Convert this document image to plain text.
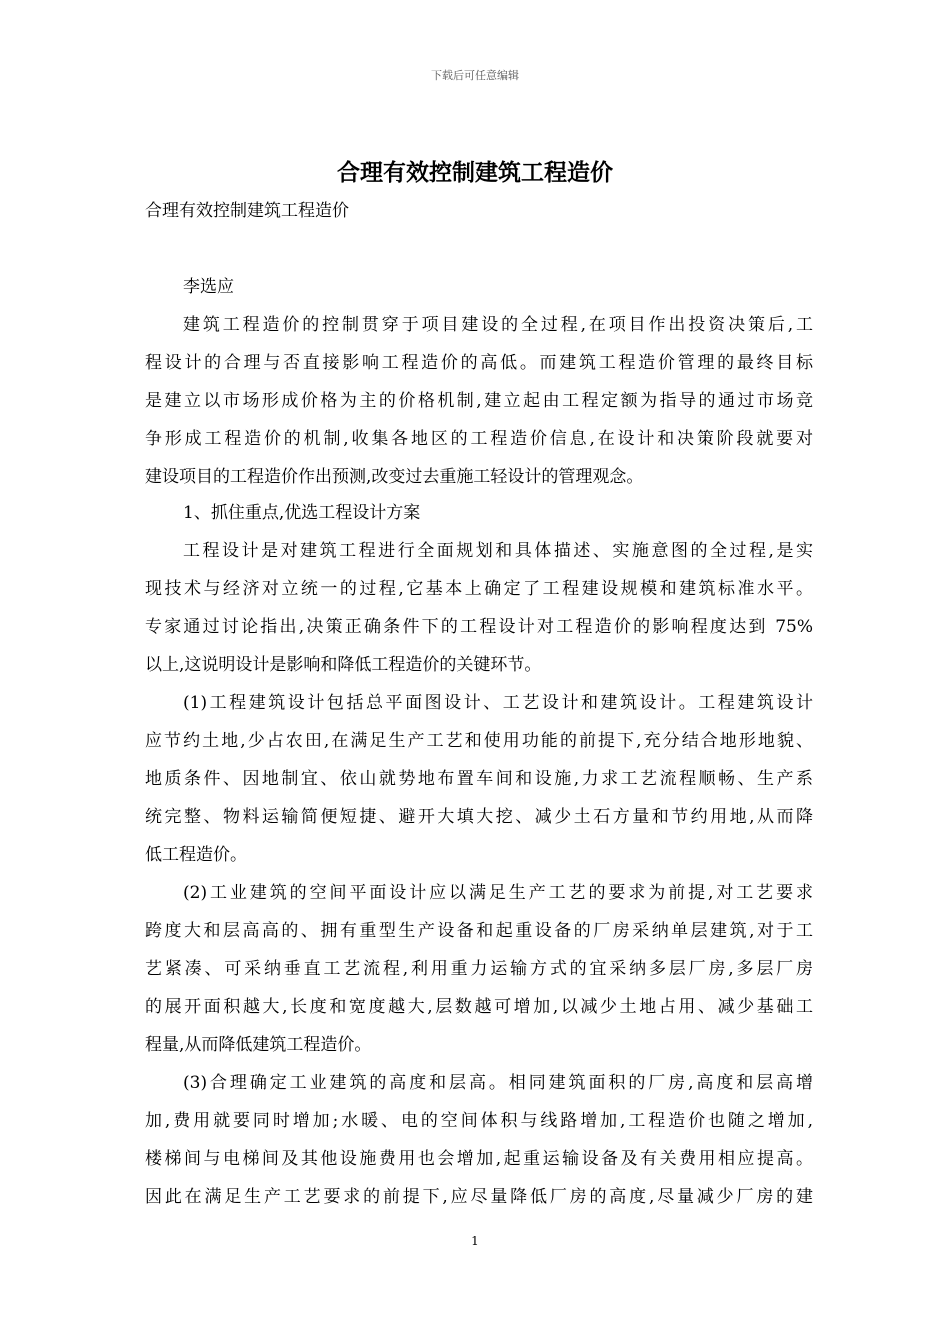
下载后可任意编辑
合理有效控制建筑工程造价
合理有效控制建筑工程造价
李选应
建筑工程造价的控制贯穿于项目建设的全过程,在项目作出投资决策后,工
程设计的合理与否直接影响工程造价的高低。而建筑工程造价管理的最终目标
是建立以市场形成价格为主的价格机制,建立起由工程定额为指导的通过市场竞
争形成工程造价的机制,收集各地区的工程造价信息,在设计和决策阶段就要对
建设项目的工程造价作出预测,改变过去重施工轻设计的管理观念。
1、抓住重点,优选工程设计方案
工程设计是对建筑工程进行全面规划和具体描述、实施意图的全过程,是实
现技术与经济对立统一的过程,它基本上确定了工程建设规模和建筑标准水平。
专家通过讨论指出,决策正确条件下的工程设计对工程造价的影响程度达到 75%
以上,这说明设计是影响和降低工程造价的关键环节。
(1)工程建筑设计包括总平面图设计、工艺设计和建筑设计。工程建筑设计
应节约土地,少占农田,在满足生产工艺和使用功能的前提下,充分结合地形地貌、
地质条件、因地制宜、依山就势地布置车间和设施,力求工艺流程顺畅、生产系
统完整、物料运输简便短捷、避开大填大挖、减少土石方量和节约用地,从而降
低工程造价。
(2)工业建筑的空间平面设计应以满足生产工艺的要求为前提,对工艺要求
跨度大和层高高的、拥有重型生产设备和起重设备的厂房采纳单层建筑,对于工
艺紧凑、可采纳垂直工艺流程,利用重力运输方式的宜采纳多层厂房,多层厂房
的展开面积越大,长度和宽度越大,层数越可增加,以减少土地占用、减少基础工
程量,从而降低建筑工程造价。
(3)合理确定工业建筑的高度和层高。相同建筑面积的厂房,高度和层高增
加,费用就要同时增加;水暖、电的空间体积与线路增加,工程造价也随之增加,
楼梯间与电梯间及其他设施费用也会增加,起重运输设备及有关费用相应提高。
因此在满足生产工艺要求的前提下,应尽量降低厂房的高度,尽量减少厂房的建
1
